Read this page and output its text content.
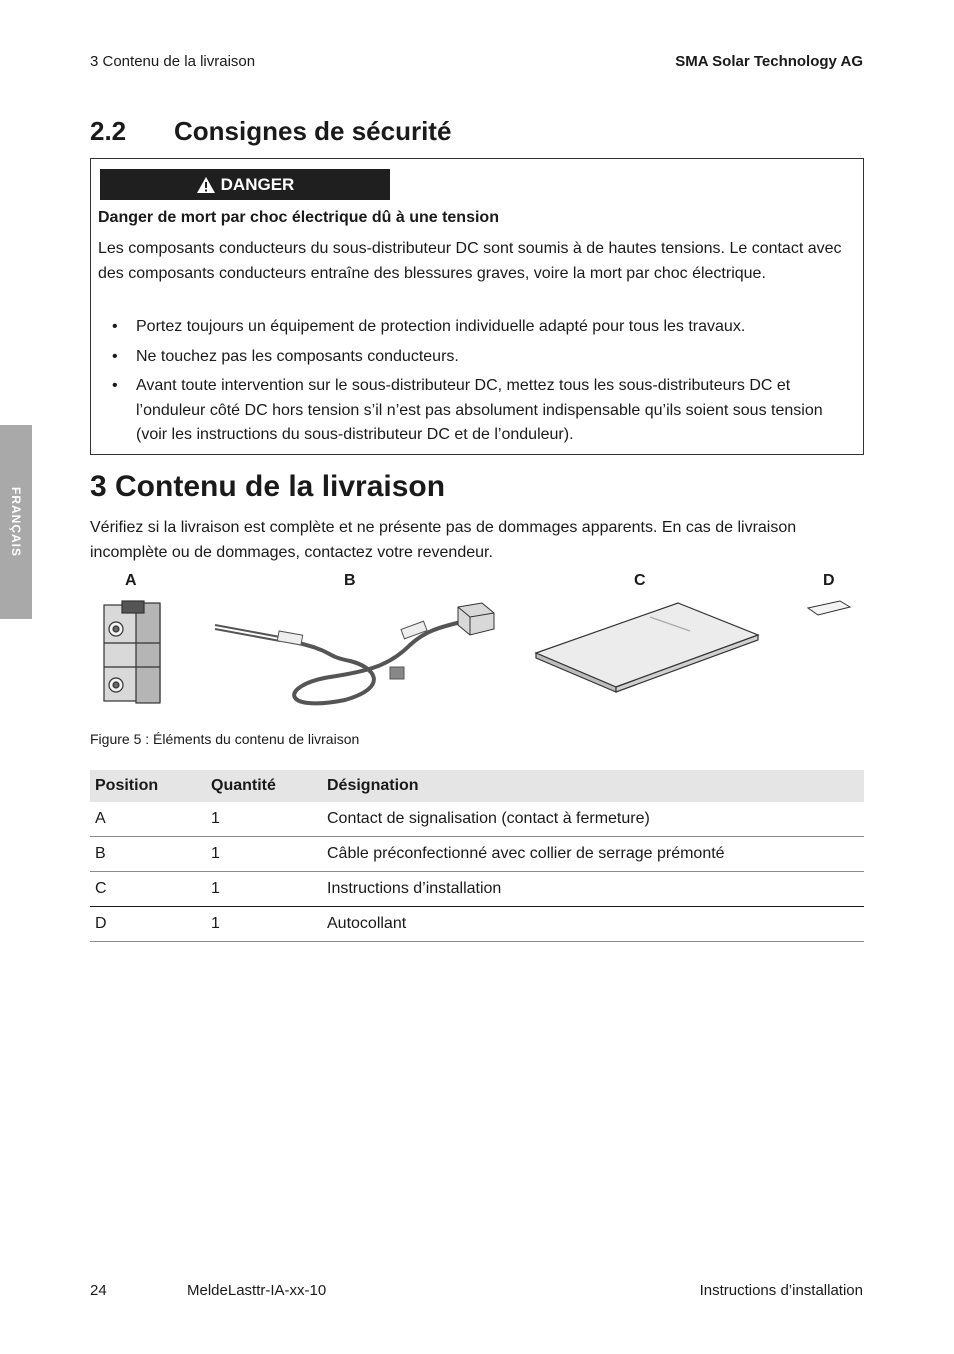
3 Contenu de la livraison	SMA Solar Technology AG
FRANÇAIS
2.2 Consignes de sécurité
DANGER
Danger de mort par choc électrique dû à une tension
Les composants conducteurs du sous-distributeur DC sont soumis à de hautes tensions. Le contact avec des composants conducteurs entraîne des blessures graves, voire la mort par choc électrique.
• Portez toujours un équipement de protection individuelle adapté pour tous les travaux.
• Ne touchez pas les composants conducteurs.
• Avant toute intervention sur le sous-distributeur DC, mettez tous les sous-distributeurs DC et l’onduleur côté DC hors tension s’il n’est pas absolument indispensable qu’ils soient sous tension (voir les instructions du sous-distributeur DC et de l’onduleur).
3 Contenu de la livraison
Vérifiez si la livraison est complète et ne présente pas de dommages apparents. En cas de livraison incomplète ou de dommages, contactez votre revendeur.
A	B	C	D
Figure 5 : Éléments du contenu de livraison
Position	Quantité	Désignation
A	1	Contact de signalisation (contact à fermeture)
B	1	Câble préconfectionné avec collier de serrage prémonté
C	1	Instructions d’installation
D	1	Autocollant
24	MeldeLasttr-IA-xx-10	Instructions d’installation
